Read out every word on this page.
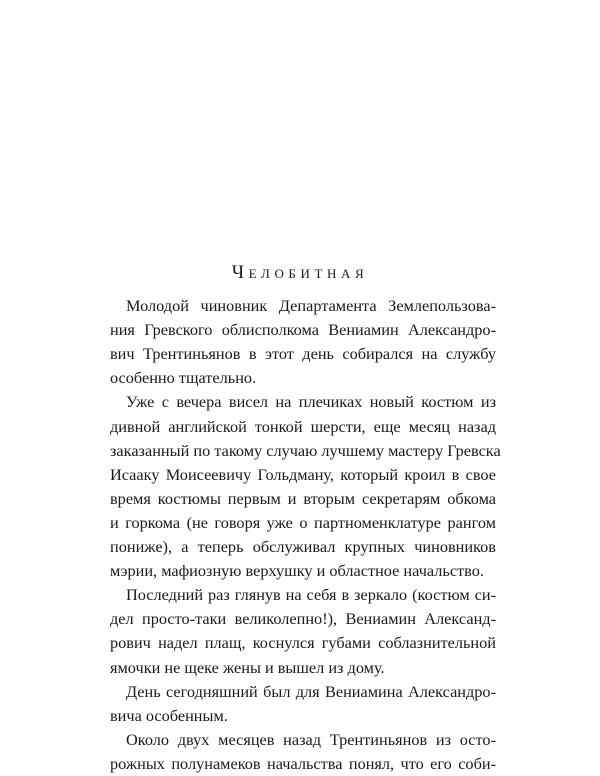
Челобитная
Молодой чиновник Департамента Землепользова-
ния Гревского облисполкома Вениамин Александро-
вич Трентиньянов в этот день собирался на службу
особенно тщательно.
Уже с вечера висел на плечиках новый костюм из
дивной английской тонкой шерсти, еще месяц назад
заказанный по такому случаю лучшему мастеру Гревска
Исааку Моисеевичу Гольдману, который кроил в свое
время костюмы первым и вторым секретарям обкома
и горкома (не говоря уже о партноменклатуре рангом
пониже), а теперь обслуживал крупных чиновников
мэрии, мафиозную верхушку и областное начальство.
Последний раз глянув на себя в зеркало (костюм си-
дел просто-таки великолепно!), Вениамин Александ-
рович надел плащ, коснулся губами соблазнительной
ямочки не щеке жены и вышел из дому.
День сегодняшний был для Вениамина Александро-
вича особенным.
Около двух месяцев назад Трентиньянов из осто-
рожных полунамеков начальства понял, что его соби-
